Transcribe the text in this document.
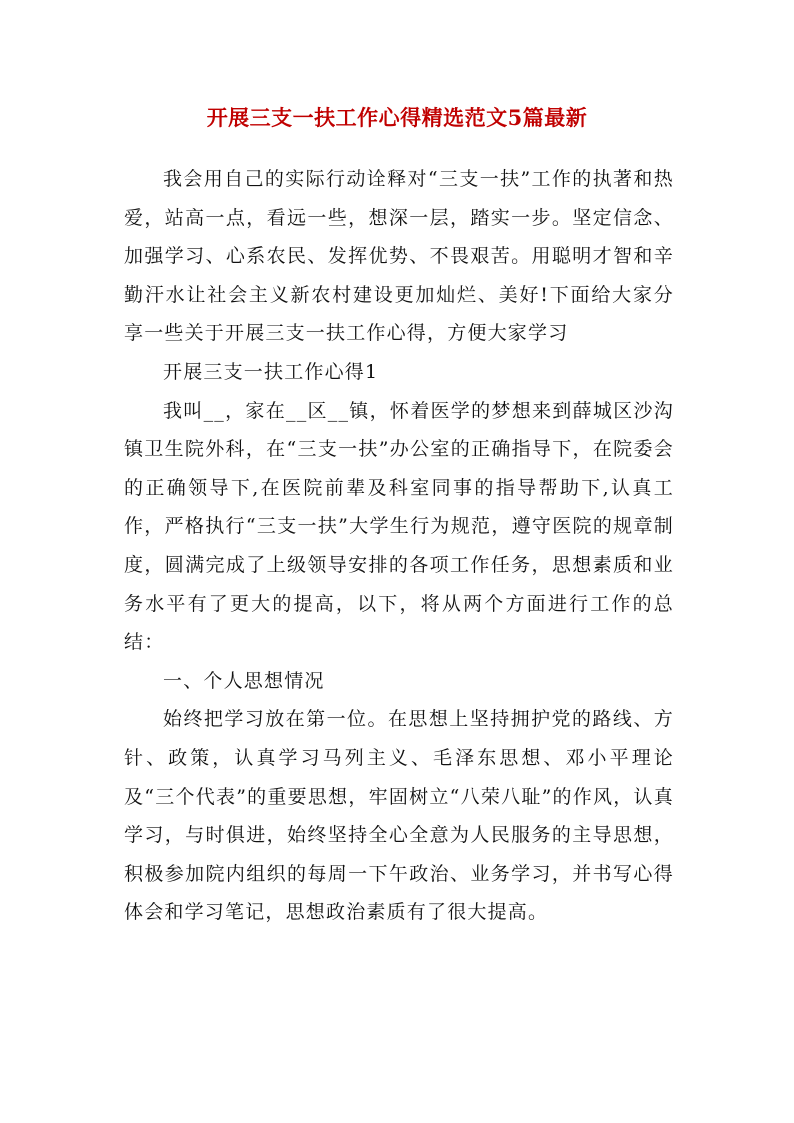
开展三支一扶工作心得精选范文5篇最新

我会用自己的实际行动诠释对“三支一扶”工作的执著和热爱，站高一点，看远一些，想深一层，踏实一步。坚定信念、加强学习、心系农民、发挥优势、不畏艰苦。用聪明才智和辛勤汗水让社会主义新农村建设更加灿烂、美好!下面给大家分享一些关于开展三支一扶工作心得，方便大家学习

开展三支一扶工作心得1

我叫__，家在__区__镇，怀着医学的梦想来到薛城区沙沟镇卫生院外科，在“三支一扶”办公室的正确指导下，在院委会的正确领导下,在医院前辈及科室同事的指导帮助下,认真工作，严格执行“三支一扶”大学生行为规范，遵守医院的规章制度，圆满完成了上级领导安排的各项工作任务，思想素质和业务水平有了更大的提高，以下，将从两个方面进行工作的总结：

一、个人思想情况

始终把学习放在第一位。在思想上坚持拥护党的路线、方针、政策，认真学习马列主义、毛泽东思想、邓小平理论及“三个代表”的重要思想，牢固树立“八荣八耻”的作风，认真学习，与时俱进，始终坚持全心全意为人民服务的主导思想，积极参加院内组织的每周一下午政治、业务学习，并书写心得体会和学习笔记，思想政治素质有了很大提高。
